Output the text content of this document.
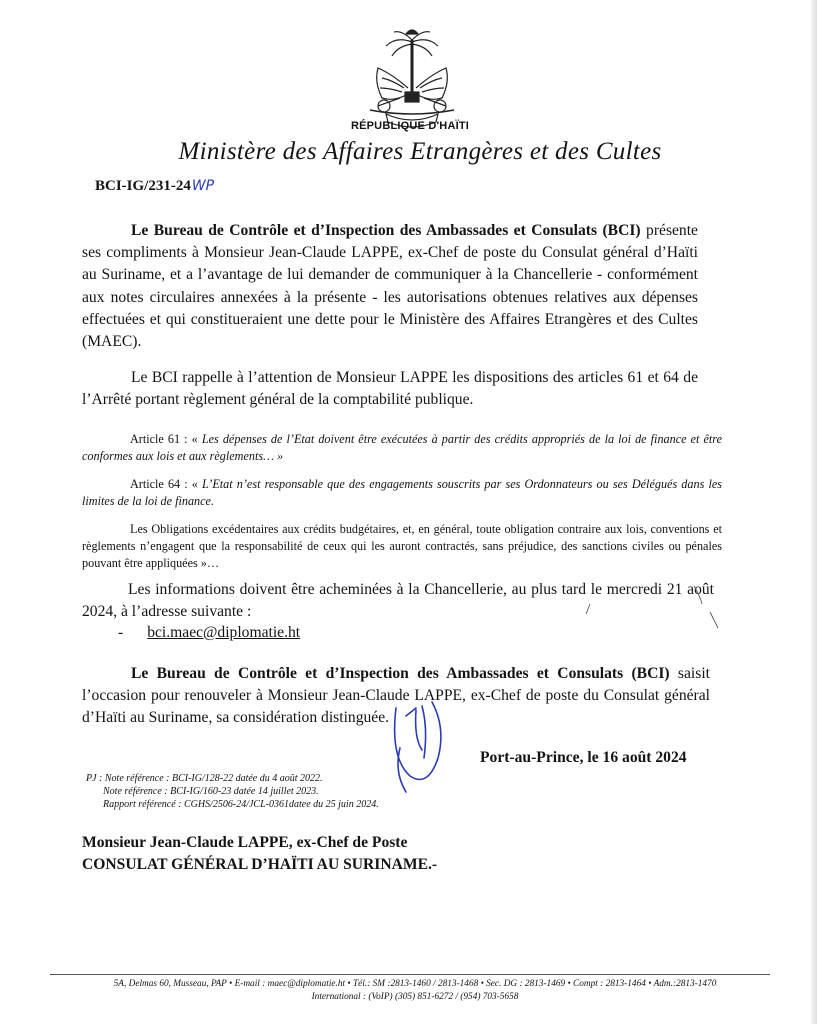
RÉPUBLIQUE D'HAÏTI
Ministère des Affaires Etrangères et des Cultes
BCI-IG/231-24WP
Le Bureau de Contrôle et d’Inspection des Ambassades et Consulats (BCI) présente ses compliments à Monsieur Jean-Claude LAPPE, ex-Chef de poste du Consulat général d’Haïti au Suriname, et a l’avantage de lui demander de communiquer à la Chancellerie - conformément aux notes circulaires annexées à la présente - les autorisations obtenues relatives aux dépenses effectuées et qui constitueraient une dette pour le Ministère des Affaires Etrangères et des Cultes (MAEC).
Le BCI rappelle à l’attention de Monsieur LAPPE les dispositions des articles 61 et 64 de l’Arrêté portant règlement général de la comptabilité publique.
Article 61 : « Les dépenses de l’Etat doivent être exécutées à partir des crédits appropriés de la loi de finance et être conformes aux lois et aux règlements… »
Article 64 : « L’Etat n’est responsable que des engagements souscrits par ses Ordonnateurs ou ses Délégués dans les limites de la loi de finance.
Les Obligations excédentaires aux crédits budgétaires, et, en général, toute obligation contraire aux lois, conventions et règlements n’engagent que la responsabilité de ceux qui les auront contractés, sans préjudice, des sanctions civiles ou pénales pouvant être appliquées »…
Les informations doivent être acheminées à la Chancellerie, au plus tard le mercredi 21 août 2024, à l’adresse suivante :
- bci.maec@diplomatie.ht
Le Bureau de Contrôle et d’Inspection des Ambassades et Consulats (BCI) saisit l’occasion pour renouveler à Monsieur Jean-Claude LAPPE, ex-Chef de poste du Consulat général d’Haïti au Suriname, sa considération distinguée.
Port-au-Prince, le 16 août 2024
PJ : Note référence : BCI-IG/128-22 datée du 4 août 2022.
Note référence : BCI-IG/160-23 datée 14 juillet 2023.
Rapport référencé : CGHS/2506-24/JCL-0361datee du 25 juin 2024.
Monsieur Jean-Claude LAPPE, ex-Chef de Poste
CONSULAT GÉNÉRAL D’HAÏTI AU SURINAME.-
5A, Delmas 60, Musseau, PAP • E-mail : maec@diplomatie.ht • Tél.: SM :2813-1460 / 2813-1468 • Sec. DG : 2813-1469 • Compt : 2813-1464 • Adm.:2813-1470
International : (VoIP) (305) 851-6272 / (954) 703-5658
